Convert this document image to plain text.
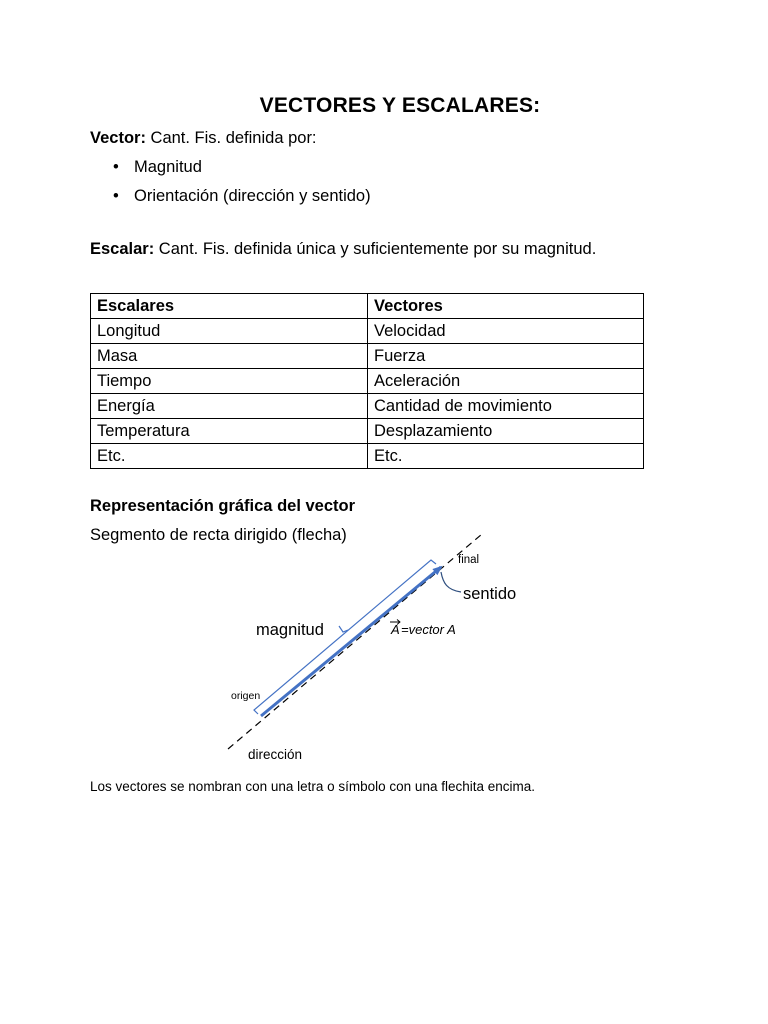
VECTORES Y ESCALARES:
Vector: Cant. Fis. definida por:
• Magnitud
• Orientación (dirección y sentido)
Escalar: Cant. Fis. definida única y suficientemente por su magnitud.
Escalares	Vectores
Longitud	Velocidad
Masa	Fuerza
Tiempo	Aceleración
Energía	Cantidad de movimiento
Temperatura	Desplazamiento
Etc.	Etc.
Representación gráfica del vector
Segmento de recta dirigido (flecha)
final
sentido
magnitud	A =vector A
origen
dirección
Los vectores se nombran con una letra o símbolo con una flechita encima.
